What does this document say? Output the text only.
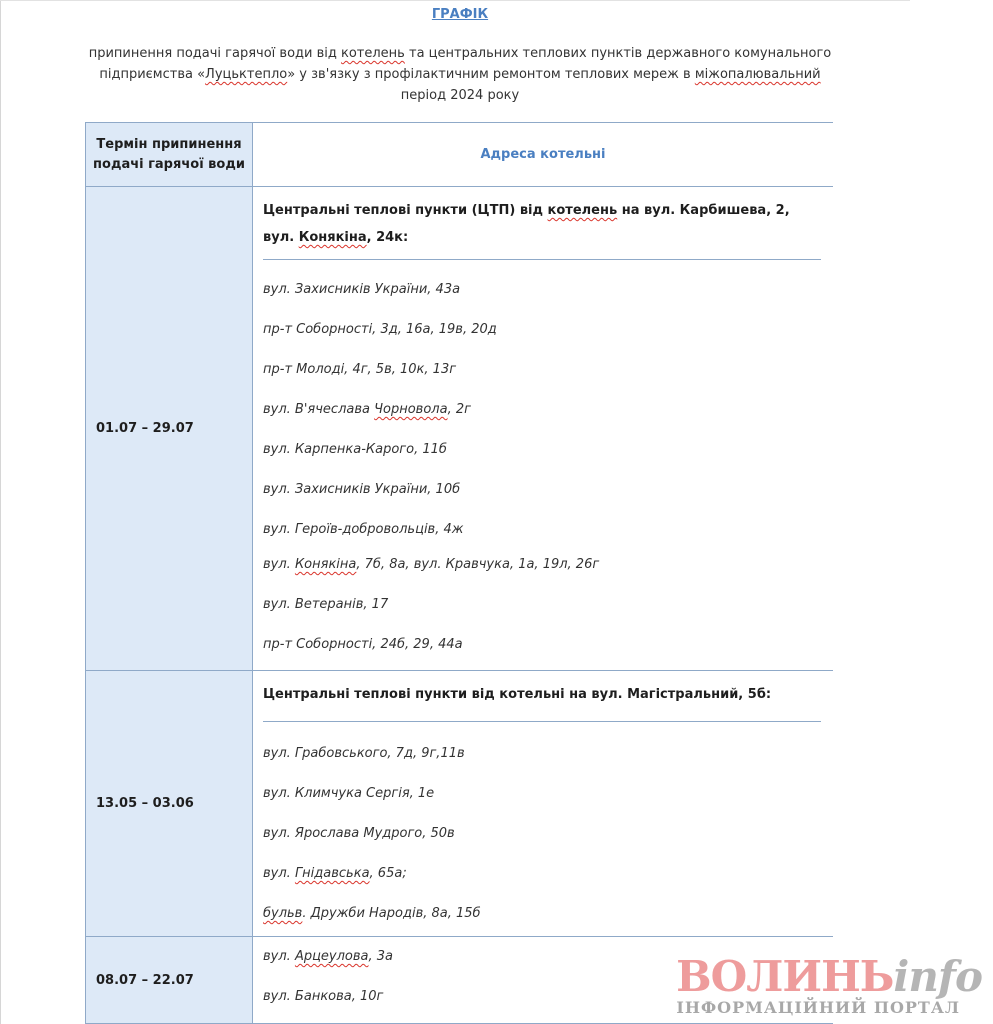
ГРАФІК
припинення подачі гарячої води від котелень та центральних теплових пунктів державного комунального
підприємства «Луцьктепло» у зв'язку з профілактичним ремонтом теплових мереж в міжопалювальний
період 2024 року
Термін припинення подачі гарячої води
Адреса котельні
01.07 – 29.07
Центральні теплові пункти (ЦТП) від котелень на вул. Карбишева, 2, вул. Конякіна, 24к:
вул. Захисників України, 43а
пр-т Соборності, 3д, 16а, 19в, 20д
пр-т Молоді, 4г, 5в, 10к, 13г
вул. В'ячеслава Чорновола, 2г
вул. Карпенка-Карого, 11б
вул. Захисників України, 10б
вул. Героїв-добровольців, 4ж
вул. Конякіна, 7б, 8а, вул. Кравчука, 1а, 19л, 26г
вул. Ветеранів, 17
пр-т Соборності, 24б, 29, 44а
13.05 – 03.06
Центральні теплові пункти від котельні на вул. Магістральний, 5б:
вул. Грабовського, 7д, 9г,11в
вул. Климчука Сергія, 1е
вул. Ярослава Мудрого, 50в
вул. Гнідавська, 65а;
бульв. Дружби Народів, 8а, 15б
08.07 – 22.07
вул. Арцеулова, 3а
вул. Банкова, 10г	ВОЛИНЬinfo
ІНФОРМАЦІЙНИЙ ПОРТАЛ
